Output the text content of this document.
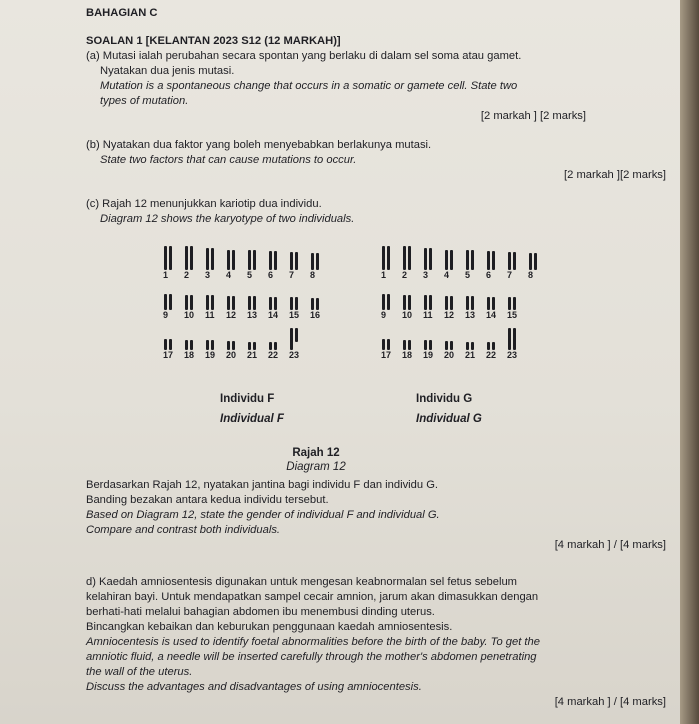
BAHAGIAN C
SOALAN 1 [KELANTAN 2023 S12 (12 MARKAH)]
(a) Mutasi ialah perubahan secara spontan yang berlaku di dalam sel soma atau gamet.
Nyatakan dua jenis mutasi.
Mutation is a spontaneous change that occurs in a somatic or gamete cell. State two
types of mutation.
[2 markah ] [2 marks]
(b) Nyatakan dua faktor yang boleh menyebabkan berlakunya mutasi.
State two factors that can cause mutations to occur.
[2 markah ][2 marks]
(c) Rajah 12 menunjukkan kariotip dua individu.
Diagram 12 shows the karyotype of two individuals.
1 2 3 4 5 6 7 8
9 10 11 12 13 14 15 16
17 18 19 20 21 22 23
1 2 3 4 5 6 7 8
9 10 11 12 13 14 15
17 18 19 20 21 22 23
Individu F
Individual F
Individu G
Individual G
Rajah 12
Diagram 12
Berdasarkan Rajah 12, nyatakan jantina bagi individu F dan individu G.
Banding bezakan antara kedua individu tersebut.
Based on Diagram 12, state the gender of individual F and individual G.
Compare and contrast both individuals.
[4 markah ] / [4 marks]
d) Kaedah amniosentesis digunakan untuk mengesan keabnormalan sel fetus sebelum
kelahiran bayi. Untuk mendapatkan sampel cecair amnion, jarum akan dimasukkan dengan
berhati-hati melalui bahagian abdomen ibu menembusi dinding uterus.
Bincangkan kebaikan dan keburukan penggunaan kaedah amniosentesis.
Amniocentesis is used to identify foetal abnormalities before the birth of the baby. To get the
amniotic fluid, a needle will be inserted carefully through the mother's abdomen penetrating
the wall of the uterus.
Discuss the advantages and disadvantages of using amniocentesis.
[4 markah ] / [4 marks]
